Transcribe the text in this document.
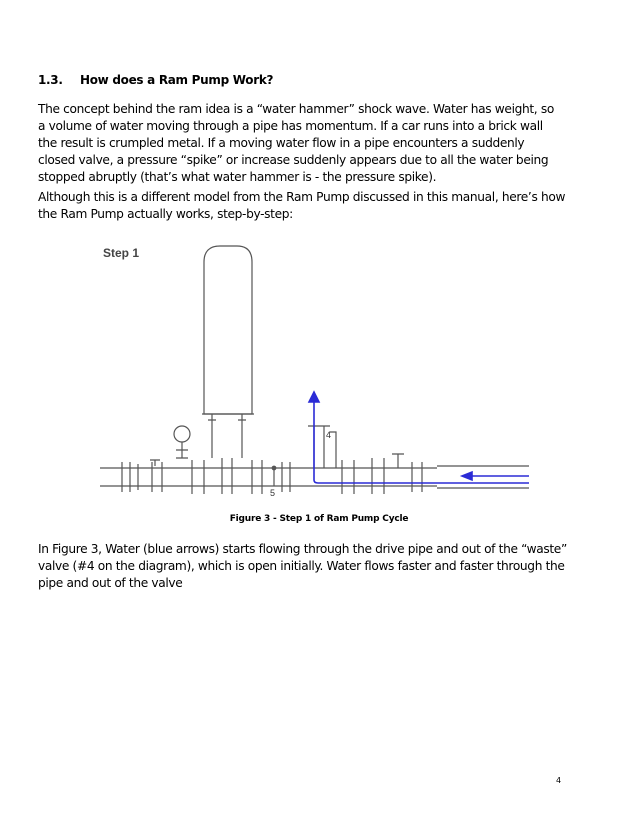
1.3. How does a Ram Pump Work?
The concept behind the ram idea is a “water hammer” shock wave. Water has weight, so
a volume of water moving through a pipe has momentum. If a car runs into a brick wall
the result is crumpled metal. If a moving water flow in a pipe encounters a suddenly
closed valve, a pressure “spike” or increase suddenly appears due to all the water being
stopped abruptly (that’s what water hammer is - the pressure spike).
Although this is a different model from the Ram Pump discussed in this manual, here’s how
the Ram Pump actually works, step-by-step:
Step 1
4
5
Figure 3 - Step 1 of Ram Pump Cycle
In Figure 3, Water (blue arrows) starts flowing through the drive pipe and out of the “waste”
valve (#4 on the diagram), which is open initially. Water flows faster and faster through the
pipe and out of the valve
4
